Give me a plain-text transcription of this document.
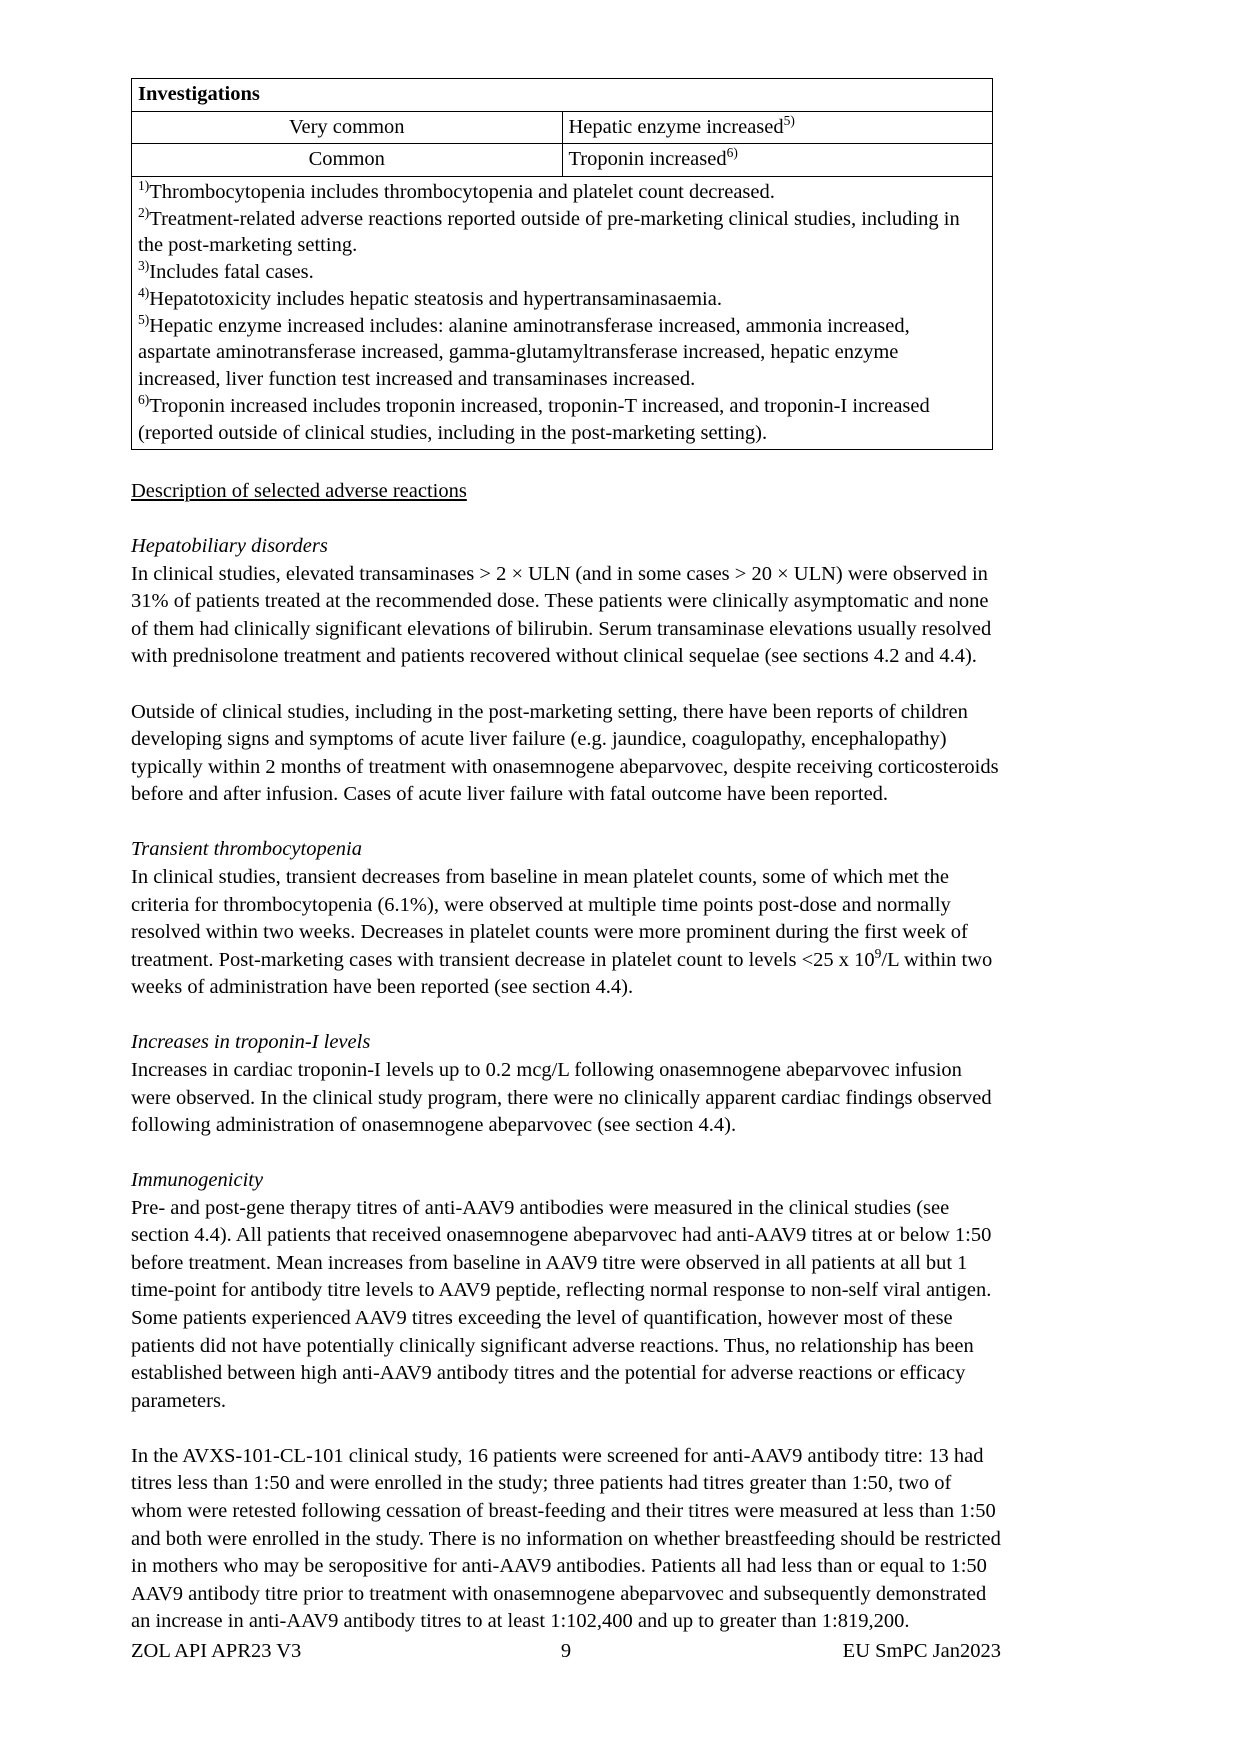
Investigations	
Very common	Hepatic enzyme increased$^{5)}$
Common	Troponin increased$^{6)}$

$^{1)}$Thrombocytopenia includes thrombocytopenia and platelet count decreased.

$^{2)}$Treatment-related adverse reactions reported outside of pre-marketing clinical studies, including in the post-marketing setting.

$^{3)}$Includes fatal cases.

$^{4)}$Hepatotoxicity includes hepatic steatosis and hypertransaminasaemia.

$^{5)}$Hepatic enzyme increased includes: alanine aminotransferase increased, ammonia increased, aspartate aminotransferase increased, gamma-glutamyltransferase increased, hepatic enzyme increased, liver function test increased and transaminases increased.

$^{6)}$Troponin increased includes troponin increased, troponin-T increased, and troponin-I increased (reported outside of clinical studies, including in the post-marketing setting).

Description of selected adverse reactions

Hepatobiliary disorders

In clinical studies, elevated transaminases > 2 × ULN (and in some cases > 20 × ULN) were observed in 31% of patients treated at the recommended dose. These patients were clinically asymptomatic and none of them had clinically significant elevations of bilirubin. Serum transaminase elevations usually resolved with prednisolone treatment and patients recovered without clinical sequelae (see sections 4.2 and 4.4).

Outside of clinical studies, including in the post-marketing setting, there have been reports of children developing signs and symptoms of acute liver failure (e.g. jaundice, coagulopathy, encephalopathy) typically within 2 months of treatment with onasemnogene abeparvovec, despite receiving corticosteroids before and after infusion. Cases of acute liver failure with fatal outcome have been reported.

Transient thrombocytopenia

In clinical studies, transient decreases from baseline in mean platelet counts, some of which met the criteria for thrombocytopenia (6.1%), were observed at multiple time points post-dose and normally resolved within two weeks. Decreases in platelet counts were more prominent during the first week of treatment. Post-marketing cases with transient decrease in platelet count to levels <25 x $10^9/L$ within two weeks of administration have been reported (see section 4.4).

Increases in troponin-I levels

Increases in cardiac troponin-I levels up to 0.2 mcg/L following onasemnogene abeparvovec infusion were observed. In the clinical study program, there were no clinically apparent cardiac findings observed following administration of onasemnogene abeparvovec (see section 4.4).

Immunogenicity

Pre- and post-gene therapy titres of anti-AAV9 antibodies were measured in the clinical studies (see section 4.4). All patients that received onasemnogene abeparvovec had anti-AAV9 titres at or below 1:50 before treatment. Mean increases from baseline in AAV9 titre were observed in all patients at all but 1 time-point for antibody titre levels to AAV9 peptide, reflecting normal response to non-self viral antigen. Some patients experienced AAV9 titres exceeding the level of quantification, however most of these patients did not have potentially clinically significant adverse reactions. Thus, no relationship has been established between high anti-AAV9 antibody titres and the potential for adverse reactions or efficacy parameters.

In the AVXS-101-CL-101 clinical study, 16 patients were screened for anti-AAV9 antibody titre: 13 had titres less than 1:50 and were enrolled in the study; three patients had titres greater than 1:50, two of whom were retested following cessation of breast-feeding and their titres were measured at less than 1:50 and both were enrolled in the study. There is no information on whether breastfeeding should be restricted in mothers who may be seropositive for anti-AAV9 antibodies. Patients all had less than or equal to 1:50 AAV9 antibody titre prior to treatment with onasemnogene abeparvovec and subsequently demonstrated an increase in anti-AAV9 antibody titres to at least 1:102,400 and up to greater than 1:819,200.

ZOL API APR23 V3	9	EU SmPC Jan2023
